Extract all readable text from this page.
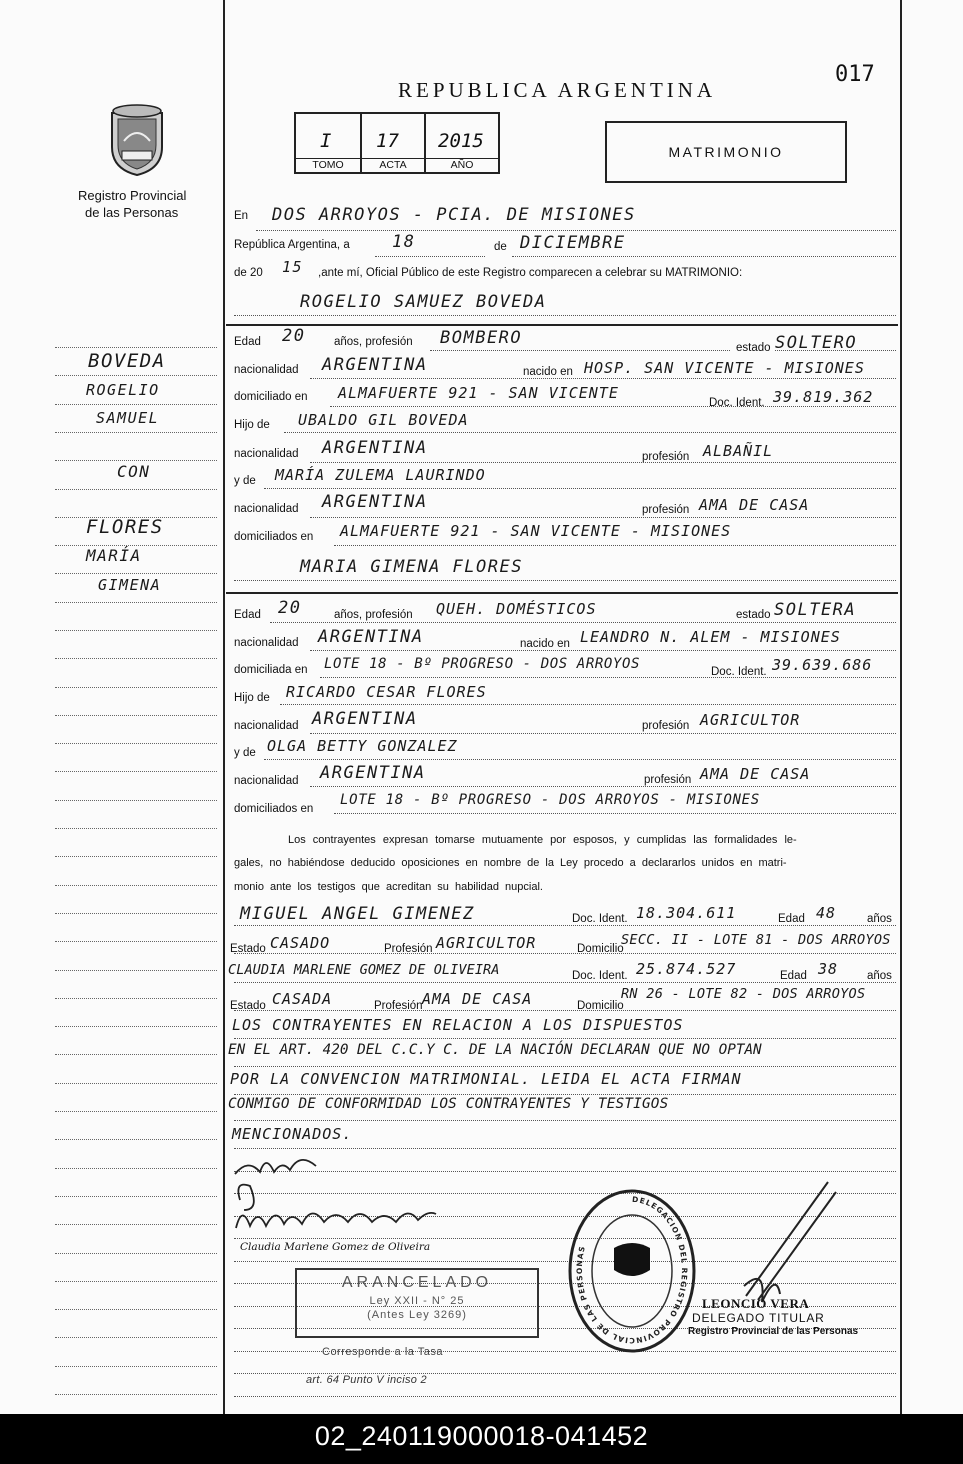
017
REPUBLICA ARGENTINA
Registro Provincial
de las Personas
I 17 2015
TOMO	ACTA	AÑO
MATRIMONIO
En DOS ARROYOS - PCIA. DE MISIONES
República Argentina, a 18	de DICIEMBRE
de 20 15 ,ante mí, Oficial Público de este Registro comparecen a celebrar su MATRIMONIO:
ROGELIO SAMUEZ BOVEDA
Edad 20 años, profesión BOMBERO	estado SOLTERO
nacionalidad ARGENTINA	nacido en HOSP. SAN VICENTE - MISIONES
domiciliado en ALMAFUERTE 921 - SAN VICENTE
Doc. Ident. 39.819.362
Hijo de UBALDO GIL BOVEDA
nacionalidad ARGENTINA	profesión ALBAÑIL
y de MARÍA ZULEMA LAURINDO
nacionalidad ARGENTINA	profesión AMA DE CASA
domiciliados en ALMAFUERTE 921 - SAN VICENTE - MISIONES
MARIA GIMENA FLORES
Edad 20	años, profesión QUEH. DOMÉSTICOS	estado SOLTERA
nacionalidad ARGENTINA	nacido en LEANDRO N. ALEM - MISIONES
domiciliada en LOTE 18 - Bº PROGRESO - DOS ARROYOS	Doc. Ident. 39.639.686
Hijo de RICARDO CESAR FLORES
nacionalidad ARGENTINA	profesión AGRICULTOR
y de OLGA BETTY GONZALEZ
nacionalidad ARGENTINA	profesión AMA DE CASA
domiciliados en
LOTE 18 - Bº PROGRESO - DOS ARROYOS - MISIONES
Los contrayentes expresan tomarse mutuamente por esposos, y cumplidas las formalidades le-
gales, no habiéndose deducido oposiciones en nombre de la Ley procedo a declararlos unidos en matri-
monio ante los testigos que acreditan su habilidad nupcial.
MIGUEL ANGEL GIMENEZ	Doc. Ident. 18.304.611	Edad 48	años
Estado CASADO	Profesión AGRICULTOR	Domicilio
SECC. II - LOTE 81 - DOS ARROYOS
CLAUDIA MARLENE GOMEZ DE OLIVEIRA	Doc. Ident. 25.874.527	Edad 38	años
Estado CASADA	Profesión AMA DE CASA	Domicilio
RN 26 - LOTE 82 - DOS ARROYOS
LOS CONTRAYENTES EN RELACION A LOS DISPUESTOS
EN EL ART. 420 DEL C.C.Y C. DE LA NACIÓN DECLARAN QUE NO OPTAN
POR LA CONVENCION MATRIMONIAL. LEIDA EL ACTA FIRMAN
CONMIGO DE CONFORMIDAD LOS CONTRAYENTES Y TESTIGOS
MENCIONADOS.
BOVEDA
ROGELIO
SAMUEL
CON
FLORES
MARÍA
GIMENA
Claudia Marlene Gomez de Oliveira
ARANCELADO
Ley XXII - N° 25
(Antes Ley 3269)
Corresponde a la Tasa
art. 64 Punto V inciso 2
DELEGACION DEL REGISTRO PROVINCIAL DE LAS PERSONAS
LEONCIO VERA
DELEGADO TITULAR
Registro Provincial de las Personas
02_240119000018-041452
